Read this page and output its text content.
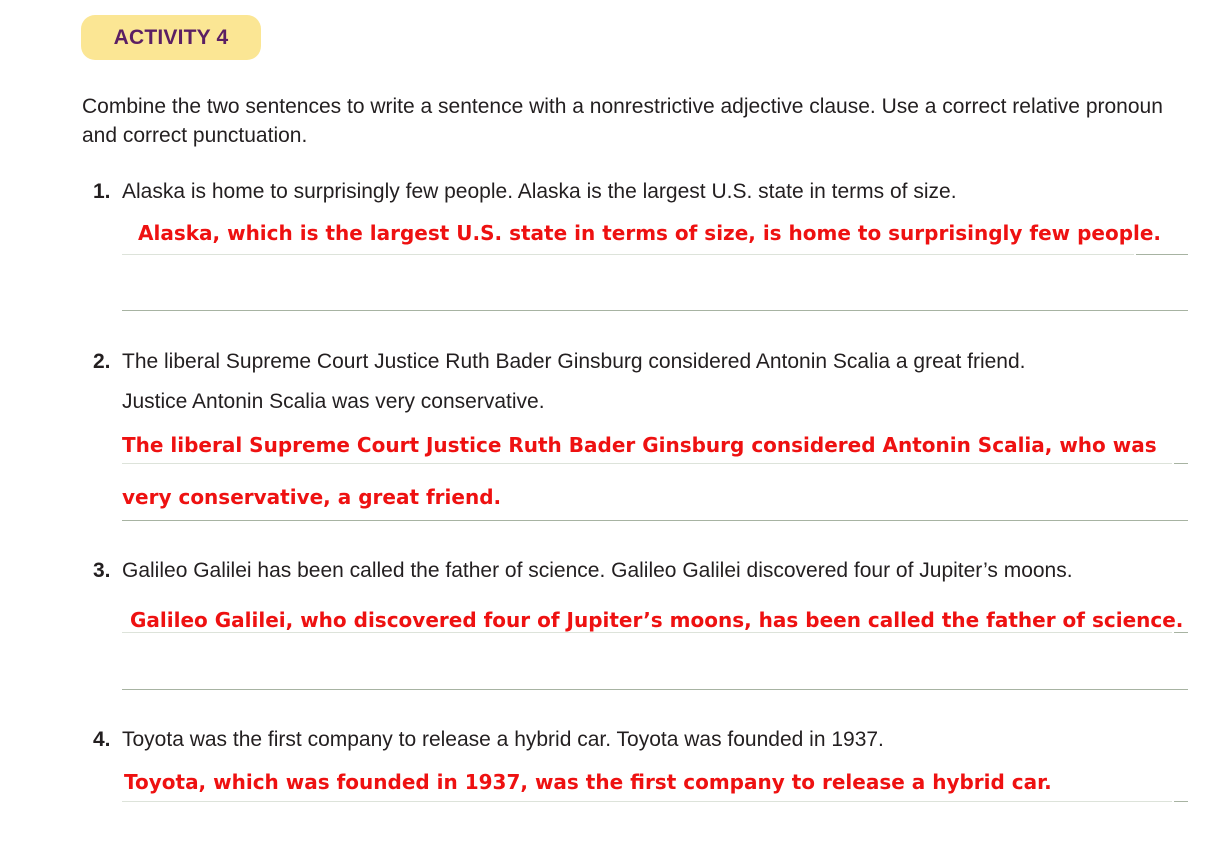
ACTIVITY 4

Combine the two sentences to write a sentence with a nonrestrictive adjective clause. Use a correct relative pronoun and correct punctuation.

1. Alaska is home to surprisingly few people. Alaska is the largest U.S. state in terms of size.
Alaska, which is the largest U.S. state in terms of size, is home to surprisingly few people.
2. The liberal Supreme Court Justice Ruth Bader Ginsburg considered Antonin Scalia a great friend.
Justice Antonin Scalia was very conservative.
The liberal Supreme Court Justice Ruth Bader Ginsburg considered Antonin Scalia, who was
very conservative, a great friend.
3. Galileo Galilei has been called the father of science. Galileo Galilei discovered four of Jupiter’s moons.
Galileo Galilei, who discovered four of Jupiter’s moons, has been called the father of science.
4. Toyota was the first company to release a hybrid car. Toyota was founded in 1937.
Toyota, which was founded in 1937, was the first company to release a hybrid car.
